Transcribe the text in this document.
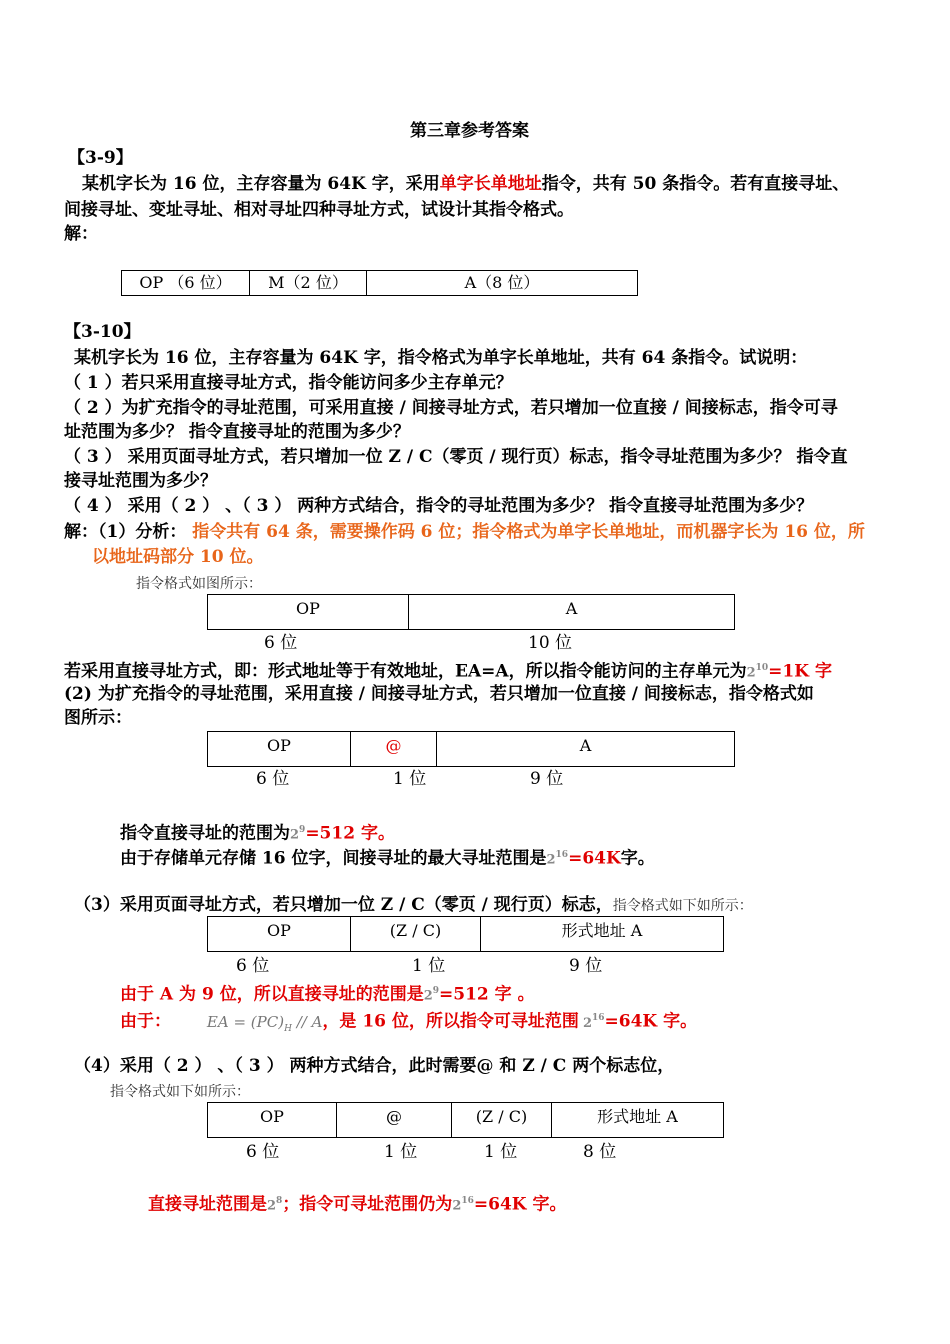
第三章参考答案
【3-9】
某机字长为 16 位，主存容量为 64K 字，采用单字长单地址指令，共有 50 条指令。若有直接寻址、
间接寻址、变址寻址、相对寻址四种寻址方式，试设计其指令格式。
解：
OP （6 位）	M（2 位）	A（8 位）
【3-10】
某机字长为 16 位，主存容量为 64K 字，指令格式为单字长单地址，共有 64 条指令。试说明：
（ 1 ）若只采用直接寻址方式，指令能访问多少主存单元？
（ 2 ）为扩充指令的寻址范围，可采用直接 / 间接寻址方式，若只增加一位直接 / 间接标志，指令可寻
址范围为多少？ 指令直接寻址的范围为多少？
（ 3 ） 采用页面寻址方式，若只增加一位 Z / C（零页 / 现行页）标志，指令寻址范围为多少？ 指令直
接寻址范围为多少？
（ 4 ） 采用（ 2 ） 、（ 3 ） 两种方式结合，指令的寻址范围为多少？ 指令直接寻址范围为多少？
解：（1）分析： 指令共有 64 条，需要操作码 6 位；指令格式为单字长单地址，而机器字长为 16 位，所
以地址码部分 10 位。
指令格式如图所示：
OP	A
6 位	10 位
若采用直接寻址方式，即：形式地址等于有效地址，EA=A，所以指令能访问的主存单元为$2^{10}=1K$ 字
(2) 为扩充指令的寻址范围，采用直接 / 间接寻址方式，若只增加一位直接 / 间接标志，指令格式如
图所示：
OP	@	A
6 位	1 位	9 位
指令直接寻址的范围为$2^9=512$ 字。
由于存储单元存储 16 位字，间接寻址的最大寻址范围是$2^{16}=64K$字。
（3）采用页面寻址方式，若只增加一位 Z / C（零页 / 现行页）标志，指令格式如下如所示：
OP	(Z / C)	形式地址 A
6 位	1 位	9 位
由于 A 为 9 位，所以直接寻址的范围是$2^9=512$ 字 。
由于： EA = $(PC)_H$ // A，是 16 位，所以指令可寻址范围 $2^{16}=64K$ 字。
（4）采用（ 2 ） 、（ 3 ） 两种方式结合，此时需要@ 和 Z / C 两个标志位，
指令格式如下如所示：
OP	@	(Z / C)	形式地址 A
6 位	1 位	1 位	8 位
直接寻址范围是$2^8$；指令可寻址范围仍为$2^{16}=64K$ 字。
